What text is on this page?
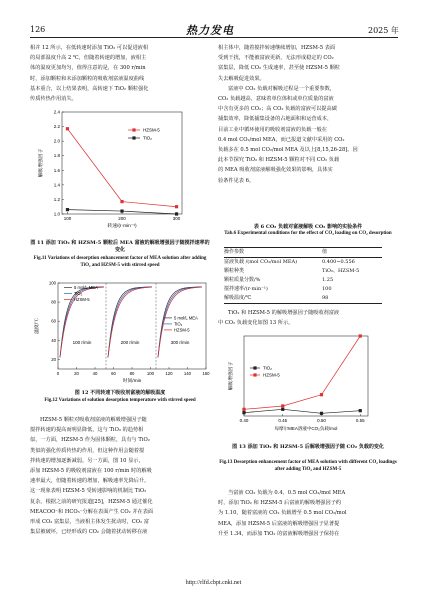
126	热力发电	2025 年
相并 12 所示，在低转速时添加 TiO₂ 可以促进液相
的局部温度升高 2 ℃，但随着转速的增加，液相主
体的温度更加均匀，值得注意的是，在 300 r/min
时，添加颗粒和未添加颗粒的吸收剂富液温度曲线
基本重合，以上结果表明，高转速下 TiO₂ 颗粒强化
传质传热作用消失。
1.0
1.2
1.4
1.6
1.8
2.0
2.2
2.4
100	200	300
转速/(r·min⁻¹)
解吸增强因子
HZSM-5
TiO₂
图 11 添加 TiO₂ 和 HZSM-5 颗粒后 MEA 富液的解吸增强因子随搅拌速率的变化
Fig.11 Variations of desorption enhancement factor of MEA solution after adding TiO₂ and HZSM-5 with stirred speed
20
40
60
80
100
0	20	40	60	80	100	120	140	160
时间/min
温度/℃
100 r/min	200 r/min	300 r/min
5 mol/L MEA
TiO₂
HZSM-5
5 mol/L MEA
TiO₂
HZSM-5
图 12 不同转速下吸收剂富液的解吸温度
Fig.12 Variations of solution desorption temperature with stirred speed
HZSM-5 颗粒对吸收剂富液的解吸增强因子随
搅拌转速的提高而明显降低，这与 TiO₂ 的趋势相
似，一方面，HZSM-5 作为固体颗粒，具有与 TiO₂
类似的强化传质传热的作用，但这种作用会随着搅
拌转速的增加逐渐减弱。另一方面，图 10 显示，
添加 HZSM-5 的吸收剂富液在 100 r/min 时的解吸
速率最大，但随着转速的增加，解吸速率先降后升。
这一现象表明 HZSM-5 受转速影响的机制比 TiO₂
复杂。根据之前的研究报道[25]，HZSM-5 通过催化
MEACOO⁻和 HCO₃⁻分解在表面产生 CO₂ 并在表面
形成 CO₂ 富集层，当液相主体发生扰动时，CO₂ 富
集层被破坏，已经形成的 CO₂ 会随着扰动转移在液
相主体中，随着搅拌转速继续增加，HZSM-5 表面
受到干扰，不能被富液更新，无法形成稳定的 CO₂
富集层，降低 CO₂ 生成速率，甚至使 HZSM-5 颗粒
失去解吸促进效果。
富液中 CO₂ 负载对解吸过程是一个重要参数，
CO₂ 负载越高，意味着单位体积或单位质量的富液
中含有更多的 CO₂；高 CO₂ 负载的富液可以提高碳
捕集效率，降低捕集设备的占地面积和运营成本，
目前工业中循环使用的吸收剂富液的负载一般在
0.4 mol CO₂/mol MEA，而已报道文献中采用的 CO₂
负载多在 0.5 mol CO₂/mol MEA 及以上[8,15,26-28]。因
此本节探究 TiO₂ 和 HZSM-5 颗粒对不同 CO₂ 负载
的 MEA 吸收剂富液解吸强化效果的影响，具体实
验条件见表 6。
表 6 CO₂ 负载对富液解吸 CO₂ 影响的实验条件
Tab.6 Experimental conditions for the effect of CO₂ loading on CO₂ desorption
操作参数	值
富液负载 /(mol CO₂/mol MEA)	0.400~0.556
颗粒种类	TiO₂、HZSM-5
颗粒质量分数/%	1.25
搅拌速率/(r·min⁻¹)	100
解吸温度/℃	98
TiO₂ 和 HZSM-5 的解吸增强因子随吸收剂富液
中 CO₂ 负载变化如图 13 所示。
0.40	0.45	0.50	0.55
每摩尔MEA溶液中CO₂负载/mol
解吸增强因子	TiO₂
HZSM-5
图 13 添加 TiO₂ 和 HZSM-5 后解吸增强因子随 CO₂ 负载的变化
Fig.13 Desorption enhancement factor of MEA solution with different CO₂ loadings after adding TiO₂ and HZSM-5
当富液 CO₂ 负载为 0.4、0.5 mol CO₂/mol MEA
时，添加 TiO₂ 和 HZSM-5 后富液的解吸增强因子约
为 1.10，随着富液的 CO₂ 负载增至 0.5 mol CO₂/mol
MEA，添加 HZSM-5 后富液的解吸增强因子显著提
升至 1.34，而添加 TiO₂ 的富液解吸增强因子保持在
http://rlfd.cbpt.cnki.net
